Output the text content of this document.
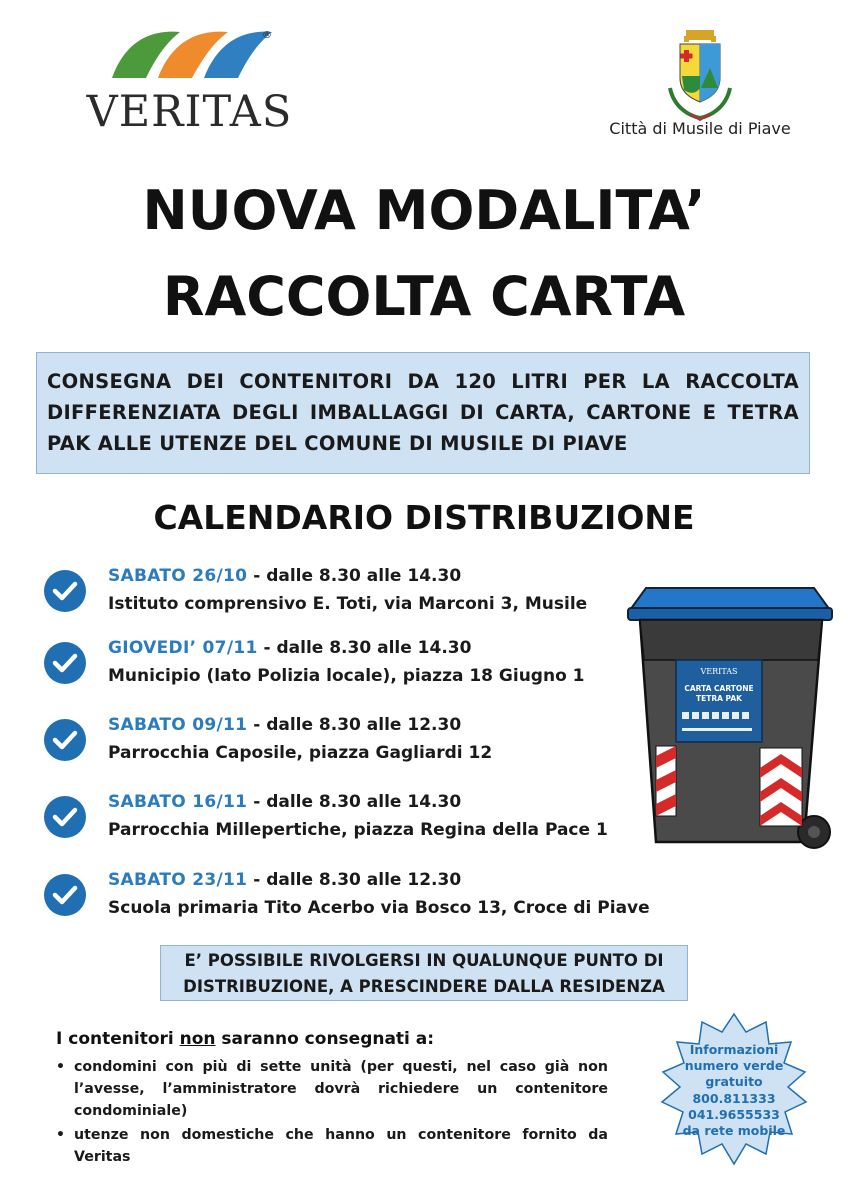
®
VERITAS	Città di Musile di Piave
NUOVA MODALITA’
RACCOLTA CARTA
CONSEGNA DEI CONTENITORI DA 120 LITRI PER LA RACCOLTA DIFFERENZIATA DEGLI IMBALLAGGI DI CARTA, CARTONE E TETRA PAK ALLE UTENZE DEL COMUNE DI MUSILE DI PIAVE
CALENDARIO DISTRIBUZIONE
SABATO 26/10 - dalle 8.30 alle 14.30
Istituto comprensivo E. Toti, via Marconi 3, Musile
GIOVEDI’ 07/11 - dalle 8.30 alle 14.30
Municipio (lato Polizia locale), piazza 18 Giugno 1
SABATO 09/11 - dalle 8.30 alle 12.30
Parrocchia Caposile, piazza Gagliardi 12
SABATO 16/11 - dalle 8.30 alle 14.30
Parrocchia Millepertiche, piazza Regina della Pace 1
SABATO 23/11 - dalle 8.30 alle 12.30
Scuola primaria Tito Acerbo via Bosco 13, Croce di Piave
VERITAS
CARTA CARTONE
TETRA PAK
E’ POSSIBILE RIVOLGERSI IN QUALUNQUE PUNTO DI
DISTRIBUZIONE, A PRESCINDERE DALLA RESIDENZA
I contenitori non saranno consegnati a:
• condomini con più di sette unità (per questi, nel caso già non l’avesse, l’amministratore dovrà richiedere un contenitore condominiale)
• utenze non domestiche che hanno un contenitore fornito da Veritas
Informazioni
numero verde
gratuito
800.811333
041.9655533
da rete mobile
